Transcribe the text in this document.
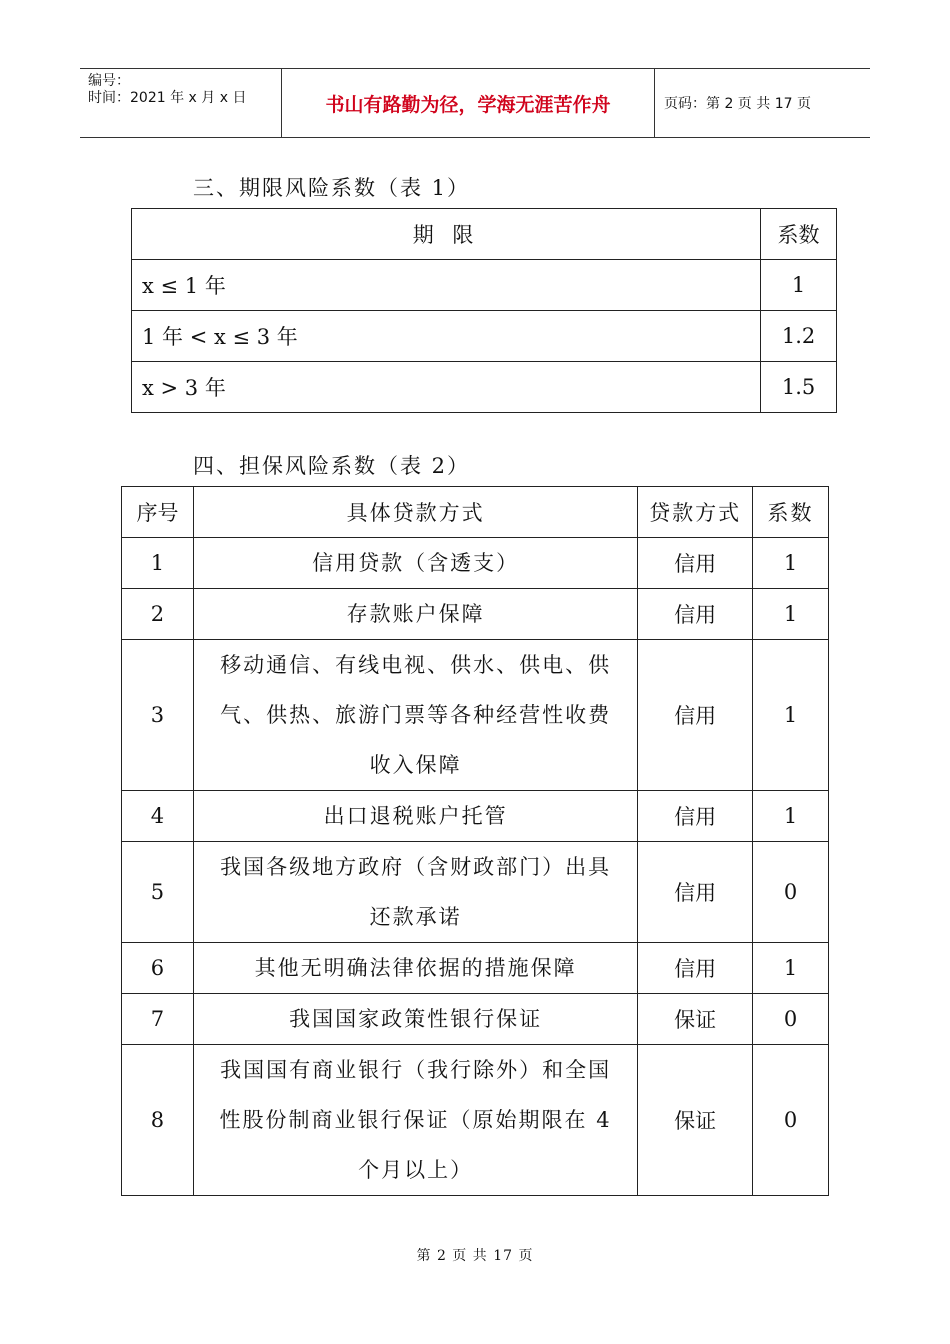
编号：
时间：2021 年 x 月 x 日	书山有路勤为径，学海无涯苦作舟	页码：第 2 页 共 17 页
三、期限风险系数（表 1）
期 限	系数
x ≤ 1 年	1
1 年 < x ≤ 3 年	1.2
x > 3 年	1.5
四、担保风险系数（表 2）
序号	具体贷款方式	贷款方式	系数
1	信用贷款（含透支）	信用	1
2	存款账户保障	信用	1
3	移动通信、有线电视、供水、供电、供气、供热、旅游门票等各种经营性收费收入保障	信用	1
4	出口退税账户托管	信用	1
5	我国各级地方政府（含财政部门）出具还款承诺	信用	0
6	其他无明确法律依据的措施保障	信用	1
7	我国国家政策性银行保证	保证	0
8	我国国有商业银行（我行除外）和全国性股份制商业银行保证（原始期限在 4 个月以上）	保证	0
第 2 页 共 17 页
